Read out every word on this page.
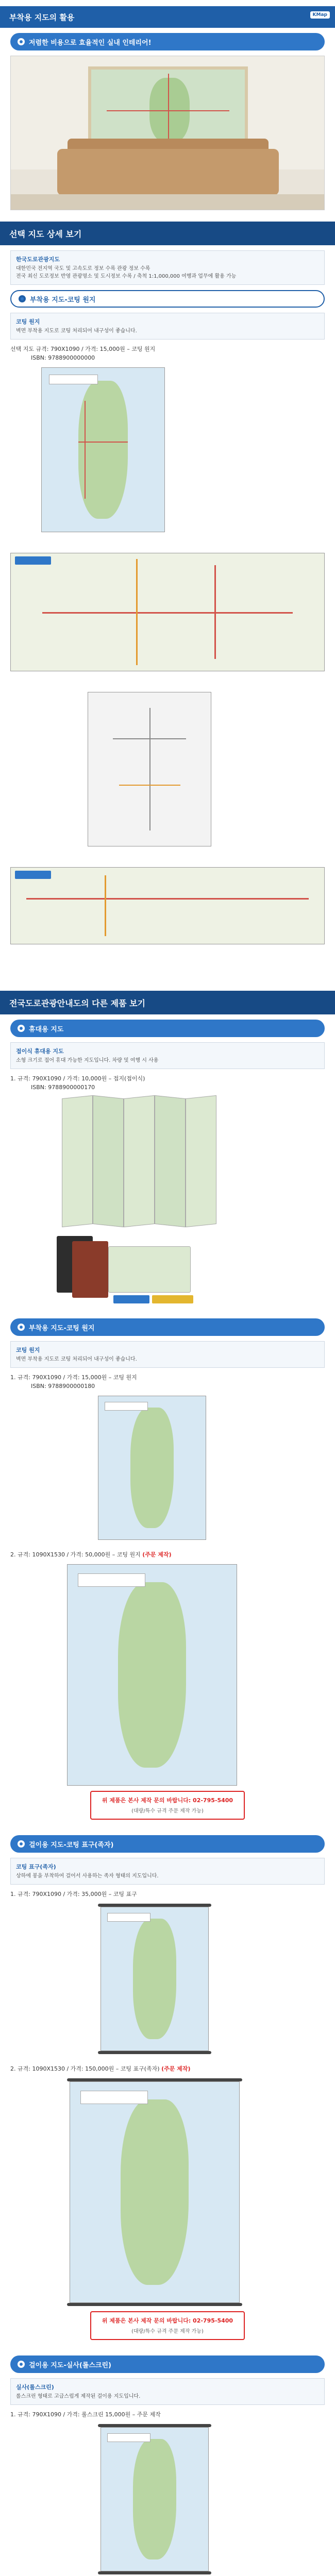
부착용 지도의 활용	KMap
저렴한 비용으로 효율적인 실내 인테리어!
선택 지도 상세 보기
한국도로관광지도
대한민국 전지역 국도 및 고속도로 정보 수록 관광 정보 수록
전국 최신 도로정보 반영 관광명소 및 도시정보 수록 / 축척 1:1,000,000 여행과 업무에 활용 가능
부착용 지도-코팅 원지
코팅 원지
벽면 부착용 지도로 코팅 처리되어 내구성이 좋습니다.
선택 지도 규격: 790X1090 / 가격: 15,000원 – 코팅 원지
ISBN: 9788900000000
전국도로관광안내도의 다른 제품 보기
휴대용 지도
접이식 휴대용 지도
소형 크기로 접어 휴대 가능한 지도입니다. 차량 및 여행 시 사용
1. 규격: 790X1090 / 가격: 10,000원 – 접지(접이식)
ISBN: 9788900000170
부착용 지도-코팅 원지
코팅 원지
벽면 부착용 지도로 코팅 처리되어 내구성이 좋습니다.
1. 규격: 790X1090 / 가격: 15,000원 – 코팅 원지
ISBN: 9788900000180
2. 규격: 1090X1530 / 가격: 50,000원 – 코팅 원지 (주문 제작)
위 제품은 본사 제작 문의 바랍니다: 02-795-5400
(대량/특수 규격 주문 제작 가능)
걸이용 지도-코팅 표구(족자)
코팅 표구(족자)
상하에 봉을 부착하여 걸어서 사용하는 족자 형태의 지도입니다.
1. 규격: 790X1090 / 가격: 35,000원 – 코팅 표구
2. 규격: 1090X1530 / 가격: 150,000원 – 코팅 표구(족자) (주문 제작)
위 제품은 본사 제작 문의 바랍니다: 02-795-5400
(대량/특수 규격 주문 제작 가능)
걸이용 지도-실사(롤스크린)
실사(롤스크린)
롤스크린 형태로 고급스럽게 제작된 걸이용 지도입니다.
1. 규격: 790X1090 / 가격: 롤스크린 15,000원 – 주문 제작
